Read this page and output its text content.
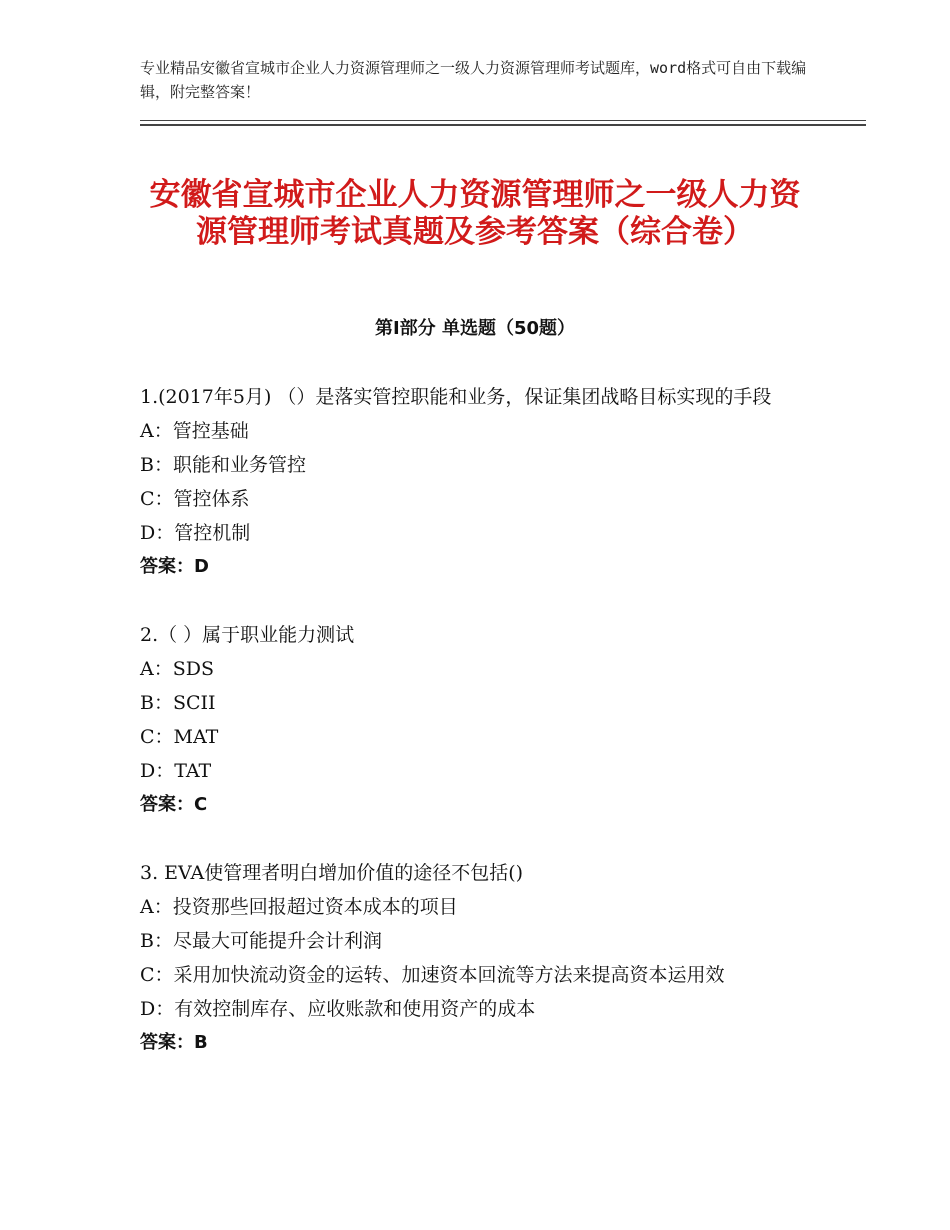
专业精品安徽省宣城市企业人力资源管理师之一级人力资源管理师考试题库，word格式可自由下载编辑，附完整答案！
安徽省宣城市企业人力资源管理师之一级人力资源管理师考试真题及参考答案（综合卷）
第Ⅰ部分 单选题（50题）
1.(2017年5月) （）是落实管控职能和业务，保证集团战略目标实现的手段
A：管控基础
B：职能和业务管控
C：管控体系
D：管控机制
答案：D
2.（ ）属于职业能力测试
A：SDS
B：SCII
C：MAT
D：TAT
答案：C
3. EVA使管理者明白增加价值的途径不包括()
A：投资那些回报超过资本成本的项目
B：尽最大可能提升会计利润
C：采用加快流动资金的运转、加速资本回流等方法来提高资本运用效
D：有效控制库存、应收账款和使用资产的成本
答案：B
